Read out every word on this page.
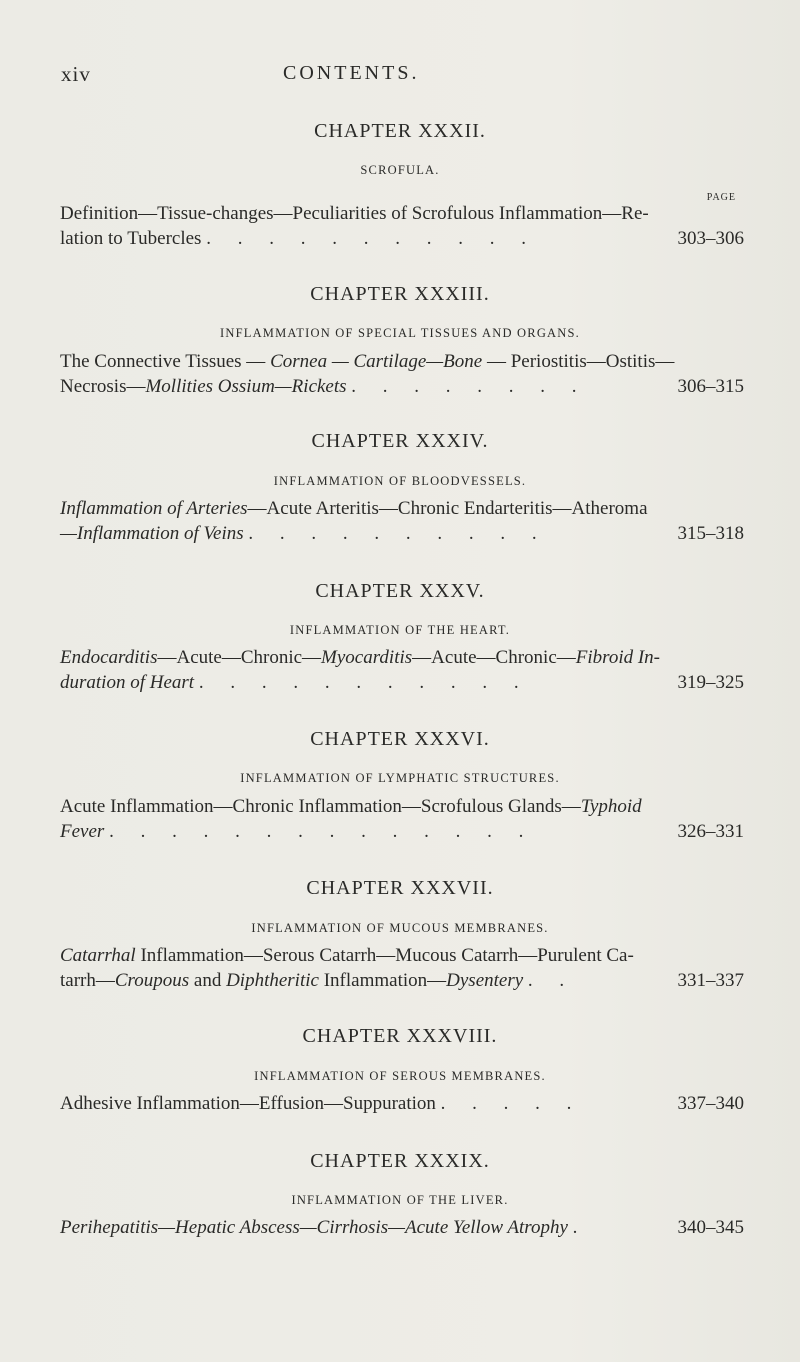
xiv	CONTENTS.
CHAPTER XXXII.
SCROFULA.
PAGE
Definition—Tissue-changes—Peculiarities of Scrofulous Inflammation—Re-
lation to Tubercles . . . . . . . . . . .	303–306
CHAPTER XXXIII.
INFLAMMATION OF SPECIAL TISSUES AND ORGANS.
The Connective Tissues — Cornea — Cartilage—Bone — Periostitis—Ostitis—
Necrosis—Mollities Ossium—Rickets . . . . . . . .	306–315
CHAPTER XXXIV.
INFLAMMATION OF BLOODVESSELS.
Inflammation of Arteries—Acute Arteritis—Chronic Endarteritis—Atheroma
—Inflammation of Veins . . . . . . . . . .	315–318
CHAPTER XXXV.
INFLAMMATION OF THE HEART.
Endocarditis—Acute—Chronic—Myocarditis—Acute—Chronic—Fibroid In-
duration of Heart . . . . . . . . . . .	319–325
CHAPTER XXXVI.
INFLAMMATION OF LYMPHATIC STRUCTURES.
Acute Inflammation—Chronic Inflammation—Scrofulous Glands—Typhoid
Fever . . . . . . . . . . . . . .	326–331
CHAPTER XXXVII.
INFLAMMATION OF MUCOUS MEMBRANES.
Catarrhal Inflammation—Serous Catarrh—Mucous Catarrh—Purulent Ca-
tarrh—Croupous and Diphtheritic Inflammation—Dysentery . .	331–337
CHAPTER XXXVIII.
INFLAMMATION OF SEROUS MEMBRANES.
Adhesive Inflammation—Effusion—Suppuration . . . . .	337–340
CHAPTER XXXIX.
INFLAMMATION OF THE LIVER.
Perihepatitis—Hepatic Abscess—Cirrhosis—Acute Yellow Atrophy .	340–345
